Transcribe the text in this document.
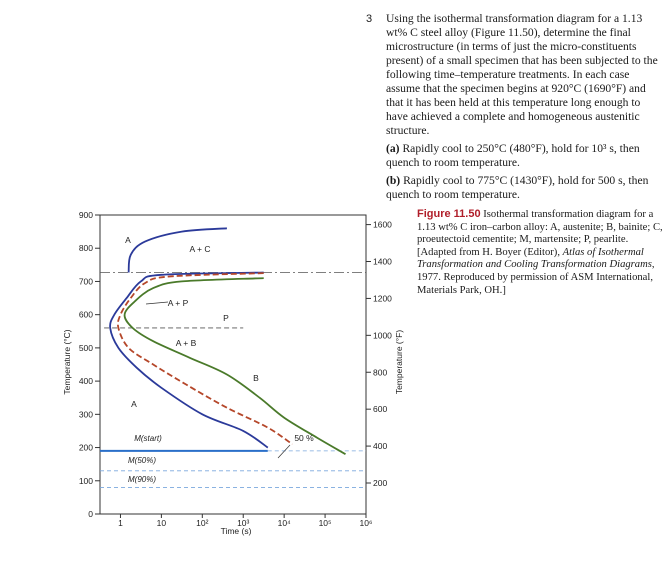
3 Using the isothermal transformation diagram for a 1.13 wt% C steel alloy (Figure 11.50), determine the final microstructure (in terms of just the micro-constituents present) of a small specimen that has been subjected to the following time–temperature treatments. In each case assume that the specimen begins at 920°C (1690°F) and that it has been held at this temperature long enough to have achieved a complete and homogeneous austenitic structure.

(a) Rapidly cool to 250°C (480°F), hold for 10³ s, then quench to room temperature.

(b) Rapidly cool to 775°C (1430°F), hold for 500 s, then quench to room temperature.

Figure 11.50 Isothermal transformation diagram for a 1.13 wt% C iron–carbon alloy: A, austenite; B, bainite; C, proeutectoid cementite; M, martensite; P, pearlite. [Adapted from H. Boyer (Editor), Atlas of Isothermal Transformation and Cooling Transformation Diagrams, 1977. Reproduced by permission of ASM International, Materials Park, OH.]
0
100
200
300
400
500
600
700
800
900
200
400
600
800
1000
1200
1400
1600
1	10	10²	10³	10⁴	10⁵	10⁶
A
A + C
A + P
P
A + B
B
A
50 %
M(start)
M(50%)
M(90%)
Time (s)
Temperature (°C)	Temperature (°F)
